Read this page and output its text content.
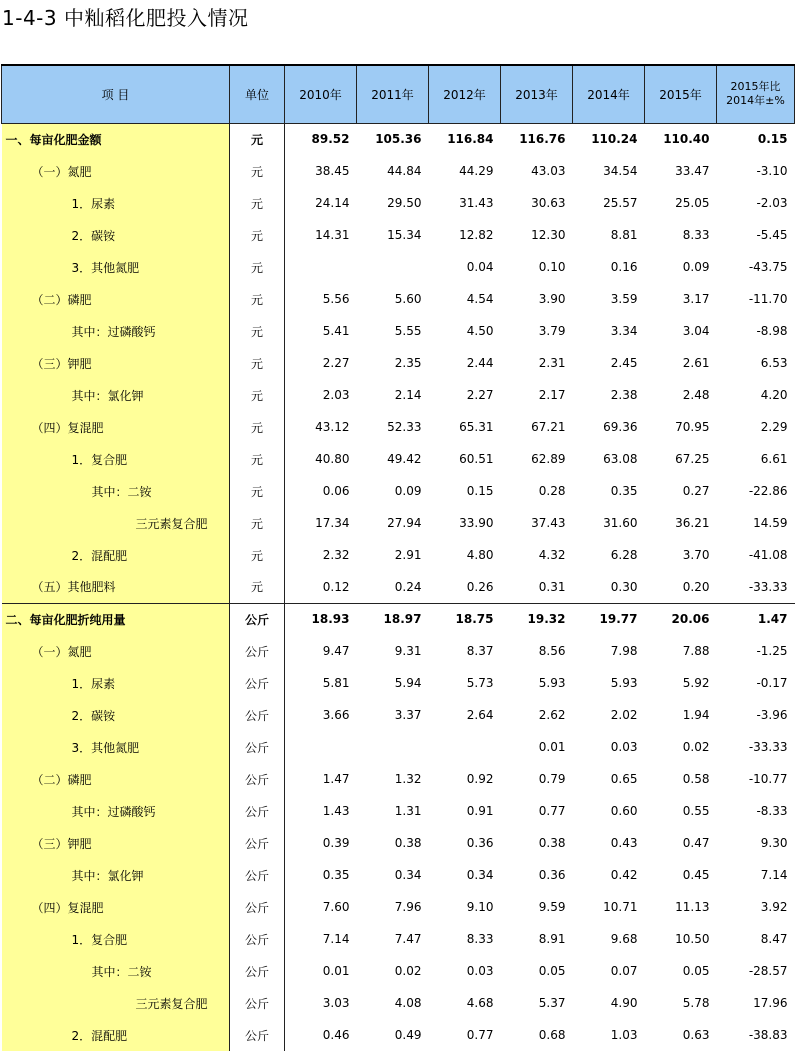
1-4-3 中籼稻化肥投入情况
项 目	单位	2010年	2011年	2012年	2013年	2014年	2015年	2015年比
2014年±%

一、每亩化肥金额	元	89.52	105.36	116.84	116.76	110.24	110.40	0.15
（一）氮肥	元	38.45	44.84	44.29	43.03	34.54	33.47	-3.10
1．尿素	元	24.14	29.50	31.43	30.63	25.57	25.05	-2.03
2．碳铵	元	14.31	15.34	12.82	12.30	8.81	8.33	-5.45
3．其他氮肥	元			0.04	0.10	0.16	0.09	-43.75
（二）磷肥	元	5.56	5.60	4.54	3.90	3.59	3.17	-11.70
其中：过磷酸钙	元	5.41	5.55	4.50	3.79	3.34	3.04	-8.98
（三）钾肥	元	2.27	2.35	2.44	2.31	2.45	2.61	6.53
其中：氯化钾	元	2.03	2.14	2.27	2.17	2.38	2.48	4.20
（四）复混肥	元	43.12	52.33	65.31	67.21	69.36	70.95	2.29
1．复合肥	元	40.80	49.42	60.51	62.89	63.08	67.25	6.61
其中：二铵	元	0.06	0.09	0.15	0.28	0.35	0.27	-22.86
三元素复合肥	元	17.34	27.94	33.90	37.43	31.60	36.21	14.59
2．混配肥	元	2.32	2.91	4.80	4.32	6.28	3.70	-41.08
（五）其他肥料	元	0.12	0.24	0.26	0.31	0.30	0.20	-33.33
二、每亩化肥折纯用量	公斤	18.93	18.97	18.75	19.32	19.77	20.06	1.47
（一）氮肥	公斤	9.47	9.31	8.37	8.56	7.98	7.88	-1.25
1．尿素	公斤	5.81	5.94	5.73	5.93	5.93	5.92	-0.17
2．碳铵	公斤	3.66	3.37	2.64	2.62	2.02	1.94	-3.96
3．其他氮肥	公斤				0.01	0.03	0.02	-33.33
（二）磷肥	公斤	1.47	1.32	0.92	0.79	0.65	0.58	-10.77
其中：过磷酸钙	公斤	1.43	1.31	0.91	0.77	0.60	0.55	-8.33
（三）钾肥	公斤	0.39	0.38	0.36	0.38	0.43	0.47	9.30
其中：氯化钾	公斤	0.35	0.34	0.34	0.36	0.42	0.45	7.14
（四）复混肥	公斤	7.60	7.96	9.10	9.59	10.71	11.13	3.92
1．复合肥	公斤	7.14	7.47	8.33	8.91	9.68	10.50	8.47
其中：二铵	公斤	0.01	0.02	0.03	0.05	0.07	0.05	-28.57
三元素复合肥	公斤	3.03	4.08	4.68	5.37	4.90	5.78	17.96
2．混配肥	公斤	0.46	0.49	0.77	0.68	1.03	0.63	-38.83
